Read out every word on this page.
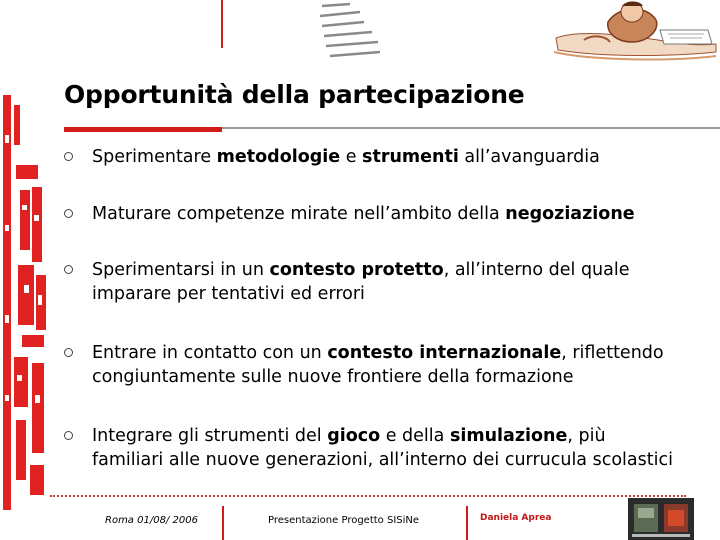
Opportunità della partecipazione
Sperimentare metodologie e strumenti all’avanguardia
Maturare competenze mirate nell’ambito della negoziazione
Sperimentarsi in un contesto protetto, all’interno del quale imparare per tentativi ed errori
Entrare in contatto con un contesto internazionale, riflettendo congiuntamente sulle nuove frontiere della formazione
Integrare gli strumenti del gioco e della simulazione, più familiari alle nuove generazioni, all’interno dei currucula scolastici
Roma 01/08/ 2006	Presentazione Progetto SISiNe	Daniela Aprea
